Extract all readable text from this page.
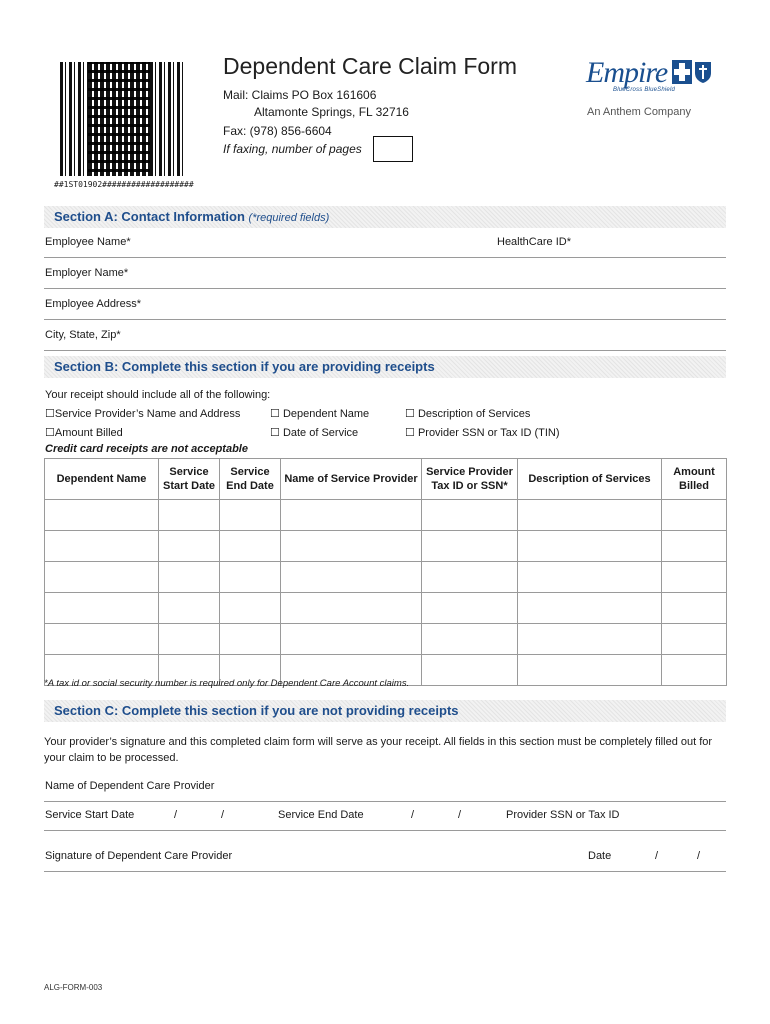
##1ST01902###################
Dependent Care Claim Form
Mail: Claims PO Box 161606
Altamonte Springs, FL 32716
Fax: (978) 856-6604
If faxing, number of pages
Empire
BlueCross BlueShield
An Anthem Company
Section A: Contact Information (*required fields)
Employee Name*	HealthCare ID*
Employer Name*
Employee Address*
City, State, Zip*
Section B: Complete this section if you are providing receipts
Your receipt should include all of the following:
☐Service Provider’s Name and Address	☐ Dependent Name	☐ Description of Services
☐Amount Billed	☐ Date of Service	☐ Provider SSN or Tax ID (TIN)
Credit card receipts are not acceptable
Dependent Name	Service Start Date	Service End Date	Name of Service Provider	Service Provider Tax ID or SSN*	Description of Services	Amount Billed

*A tax id or social security number is required only for Dependent Care Account claims.
Section C: Complete this section if you are not providing receipts
Your provider’s signature and this completed claim form will serve as your receipt. All fields in this section must be completely filled out for your claim to be processed.
Name of Dependent Care Provider
Service Start Date	/	/	Service End Date	/	/	Provider SSN or Tax ID
Signature of Dependent Care Provider	Date	/	/
ALG-FORM-003
